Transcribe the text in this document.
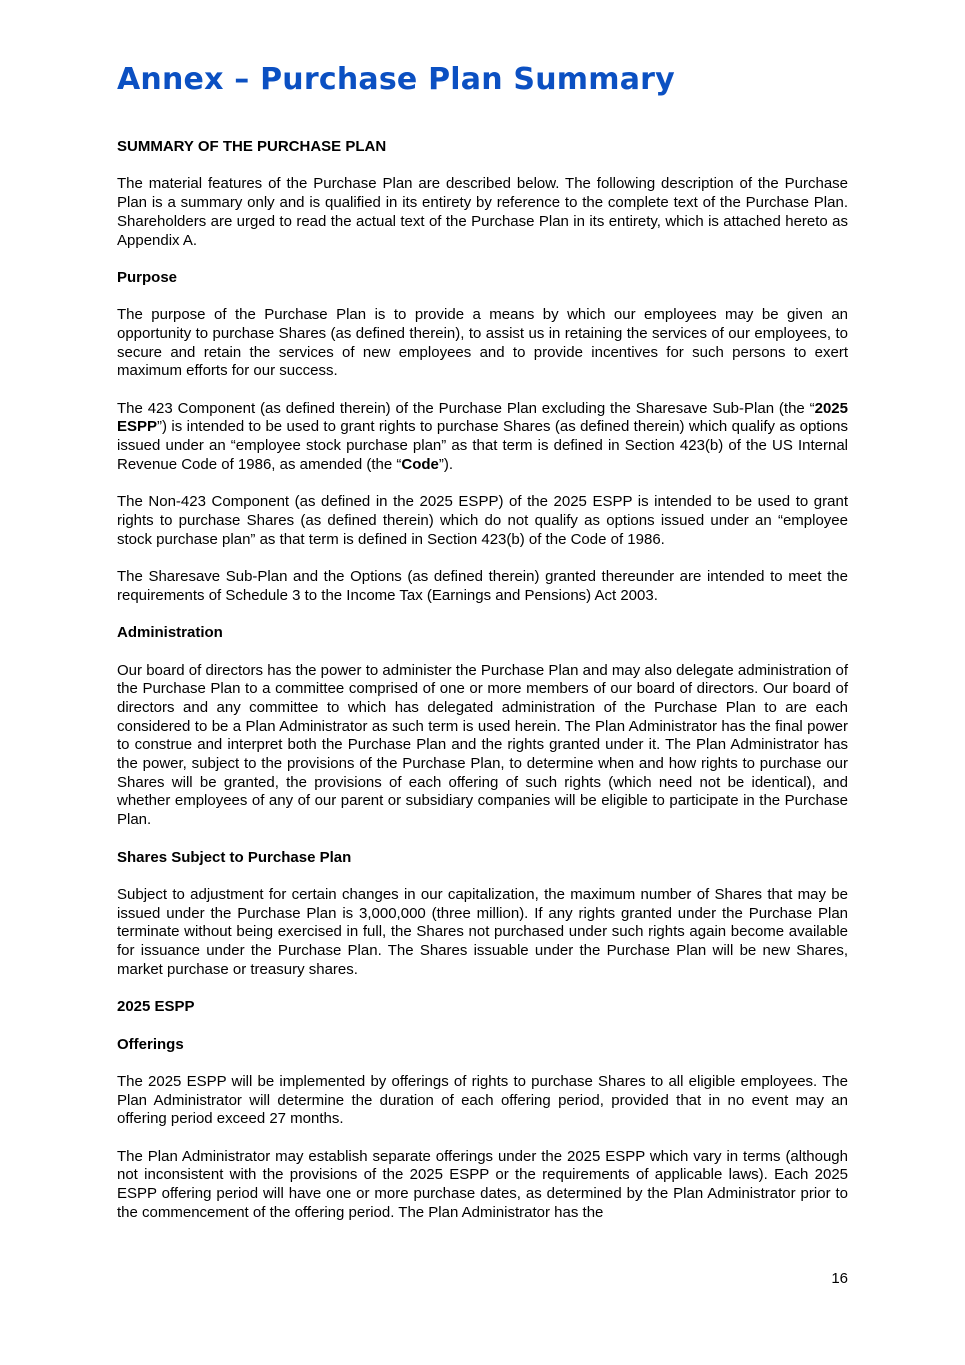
Annex – Purchase Plan Summary
SUMMARY OF THE PURCHASE PLAN

The material features of the Purchase Plan are described below. The following description of the Purchase Plan is a summary only and is qualified in its entirety by reference to the complete text of the Purchase Plan. Shareholders are urged to read the actual text of the Purchase Plan in its entirety, which is attached hereto as Appendix A.

Purpose

The purpose of the Purchase Plan is to provide a means by which our employees may be given an opportunity to purchase Shares (as defined therein), to assist us in retaining the services of our employees, to secure and retain the services of new employees and to provide incentives for such persons to exert maximum efforts for our success.

The 423 Component (as defined therein) of the Purchase Plan excluding the Sharesave Sub-Plan (the “2025 ESPP”) is intended to be used to grant rights to purchase Shares (as defined therein) which qualify as options issued under an “employee stock purchase plan” as that term is defined in Section 423(b) of the US Internal Revenue Code of 1986, as amended (the “Code”).

The Non-423 Component (as defined in the 2025 ESPP) of the 2025 ESPP is intended to be used to grant rights to purchase Shares (as defined therein) which do not qualify as options issued under an “employee stock purchase plan” as that term is defined in Section 423(b) of the Code of 1986.

The Sharesave Sub-Plan and the Options (as defined therein) granted thereunder are intended to meet the requirements of Schedule 3 to the Income Tax (Earnings and Pensions) Act 2003.

Administration

Our board of directors has the power to administer the Purchase Plan and may also delegate administration of the Purchase Plan to a committee comprised of one or more members of our board of directors. Our board of directors and any committee to which has delegated administration of the Purchase Plan to are each considered to be a Plan Administrator as such term is used herein. The Plan Administrator has the final power to construe and interpret both the Purchase Plan and the rights granted under it. The Plan Administrator has the power, subject to the provisions of the Purchase Plan, to determine when and how rights to purchase our Shares will be granted, the provisions of each offering of such rights (which need not be identical), and whether employees of any of our parent or subsidiary companies will be eligible to participate in the Purchase Plan.

Shares Subject to Purchase Plan

Subject to adjustment for certain changes in our capitalization, the maximum number of Shares that may be issued under the Purchase Plan is 3,000,000 (three million). If any rights granted under the Purchase Plan terminate without being exercised in full, the Shares not purchased under such rights again become available for issuance under the Purchase Plan. The Shares issuable under the Purchase Plan will be new Shares, market purchase or treasury shares.

2025 ESPP
Offerings

The 2025 ESPP will be implemented by offerings of rights to purchase Shares to all eligible employees. The Plan Administrator will determine the duration of each offering period, provided that in no event may an offering period exceed 27 months.

The Plan Administrator may establish separate offerings under the 2025 ESPP which vary in terms (although not inconsistent with the provisions of the 2025 ESPP or the requirements of applicable laws). Each 2025 ESPP offering period will have one or more purchase dates, as determined by the Plan Administrator prior to the commencement of the offering period. The Plan Administrator has the

16
